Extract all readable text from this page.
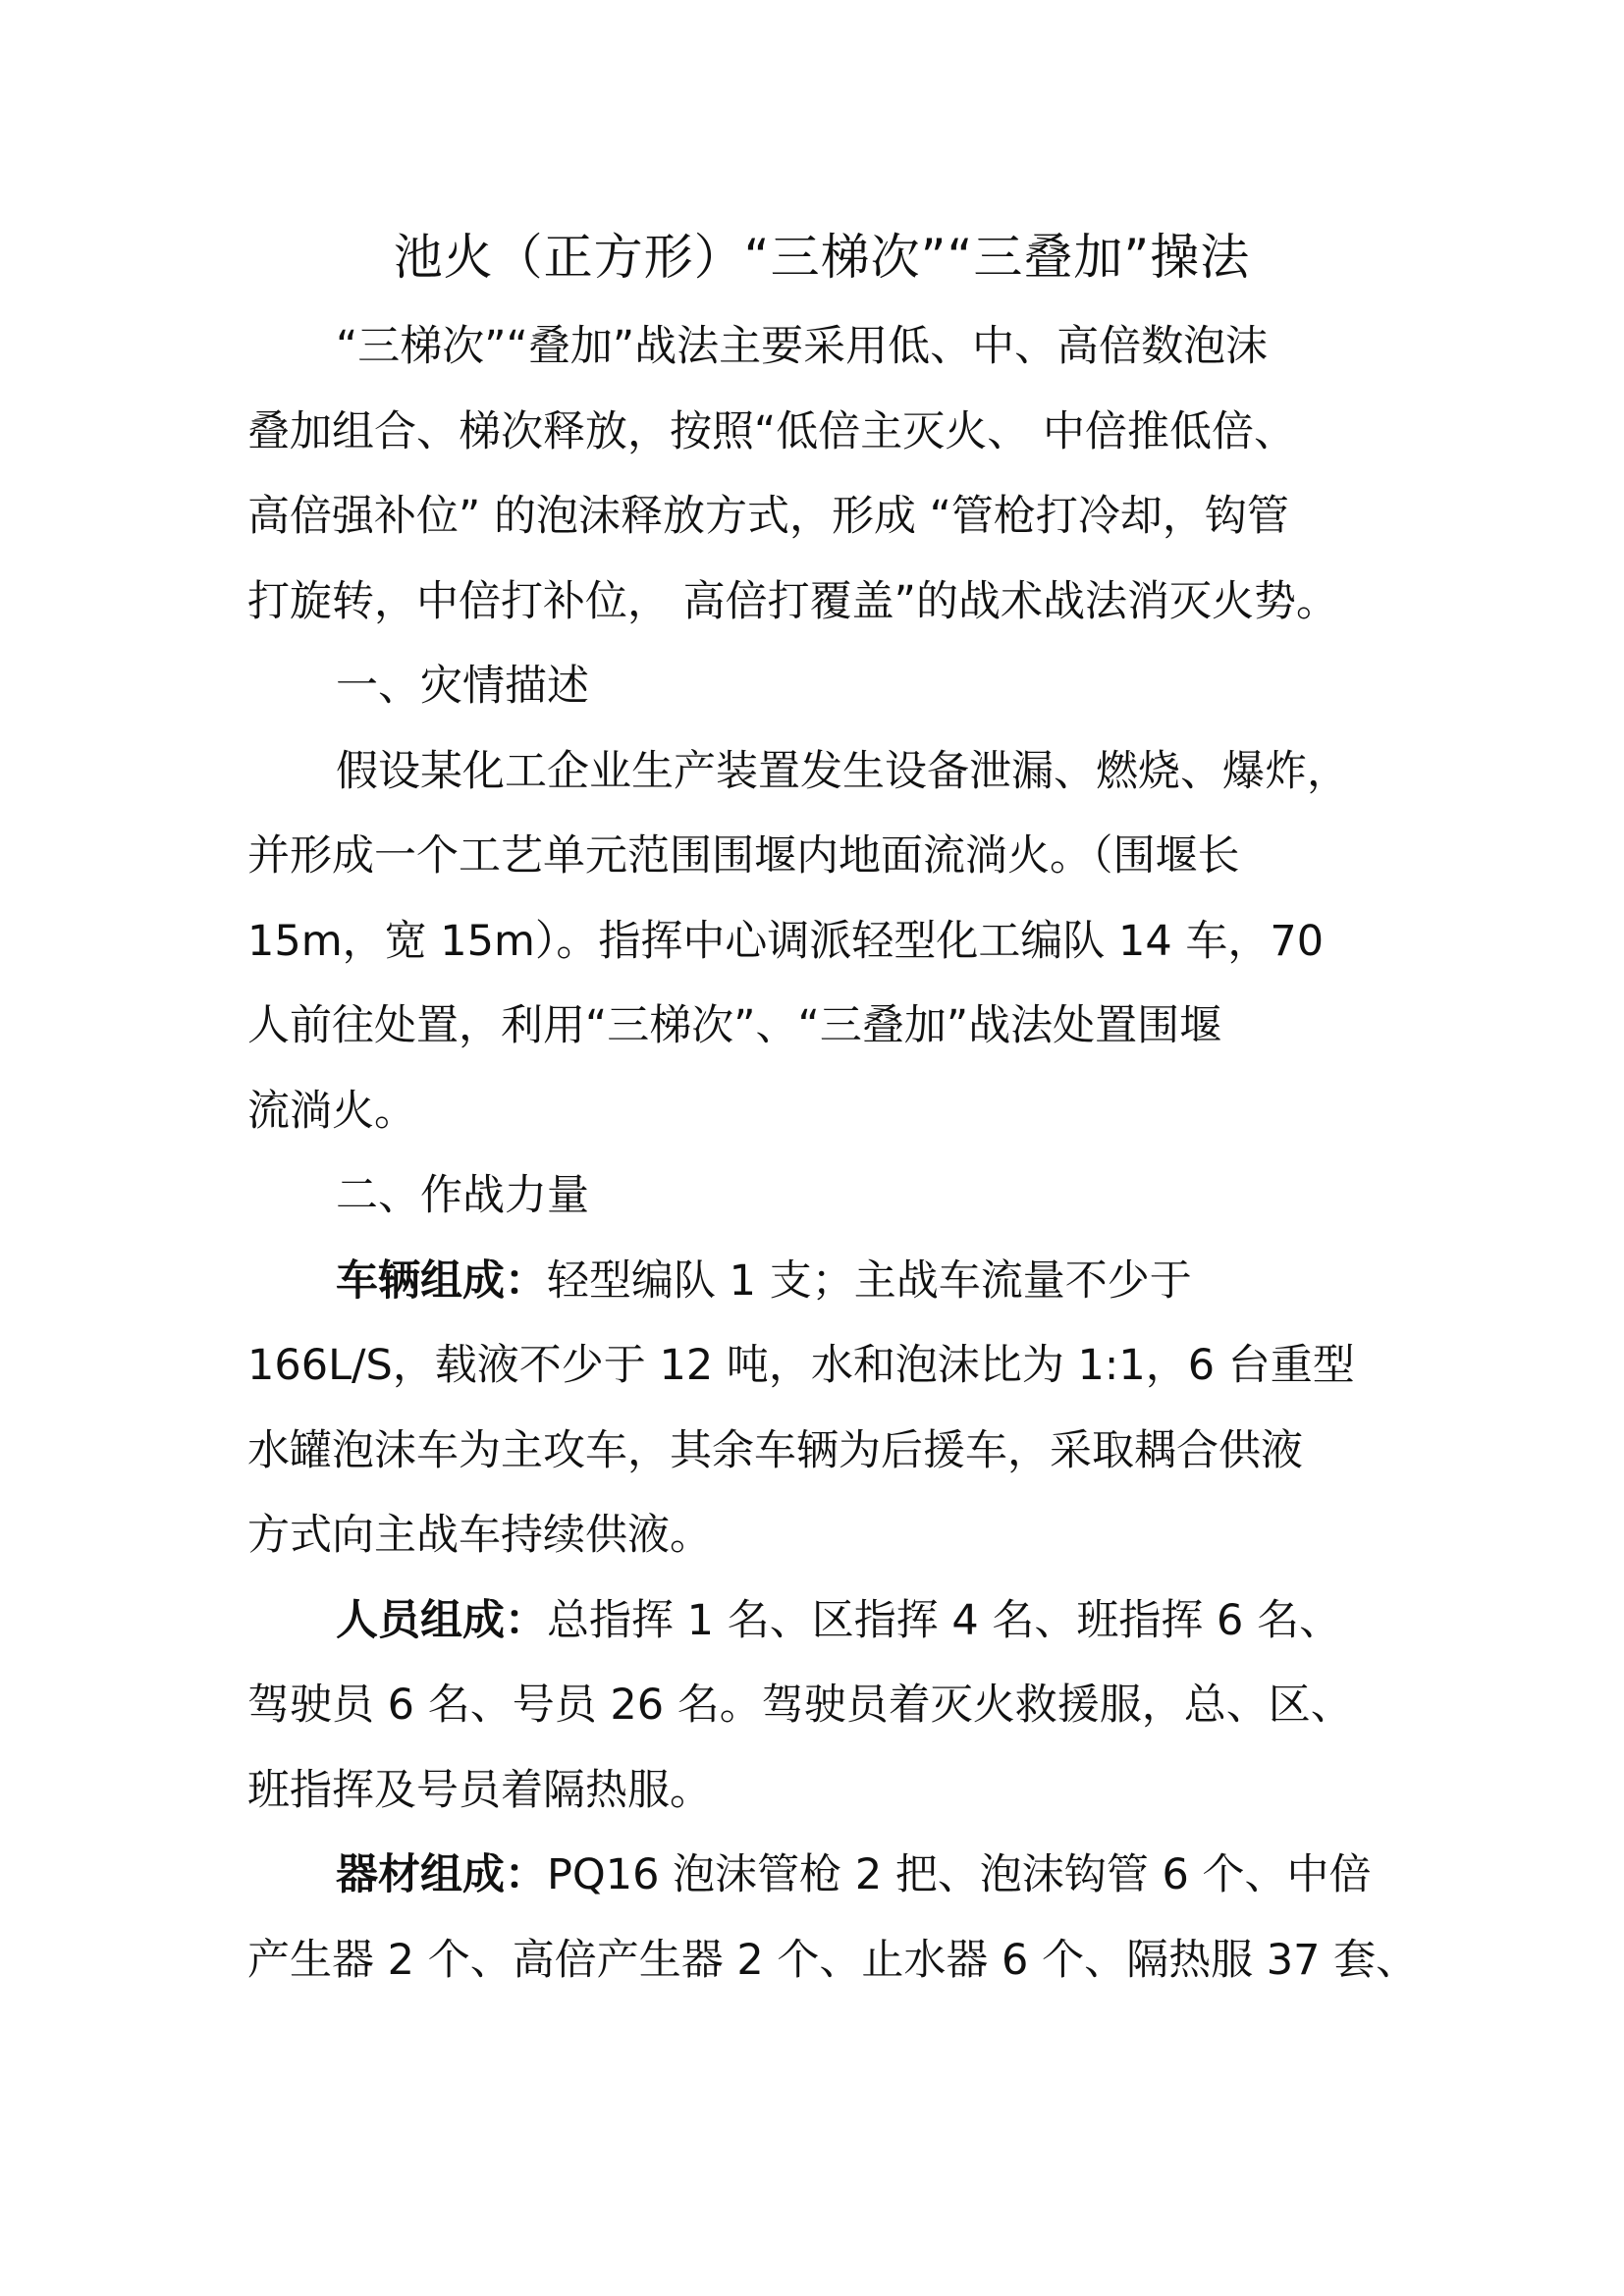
池火（正方形）“三梯次”“三叠加”操法

“三梯次”“叠加”战法主要采用低、中、高倍数泡沫
叠加组合、梯次释放，按照“低倍主灭火、 中倍推低倍、
高倍强补位” 的泡沫释放方式，形成 “管枪打冷却，钩管
打旋转，中倍打补位， 高倍打覆盖”的战术战法消灭火势。

一、灾情描述

假设某化工企业生产装置发生设备泄漏、燃烧、爆炸，
并形成一个工艺单元范围围堰内地面流淌火。（围堰长
15m，宽 15m）。指挥中心调派轻型化工编队 14 车，70
人前往处置，利用“三梯次”、“三叠加”战法处置围堰
流淌火。

二、作战力量

车辆组成：轻型编队 1 支；主战车流量不少于
166L/S，载液不少于 12 吨，水和泡沫比为 1:1，6 台重型
水罐泡沫车为主攻车，其余车辆为后援车，采取耦合供液
方式向主战车持续供液。

人员组成：总指挥 1 名、区指挥 4 名、班指挥 6 名、
驾驶员 6 名、号员 26 名。驾驶员着灭火救援服，总、区、
班指挥及号员着隔热服。

器材组成：PQ16 泡沫管枪 2 把、泡沫钩管 6 个、中倍
产生器 2 个、高倍产生器 2 个、止水器 6 个、隔热服 37 套、
